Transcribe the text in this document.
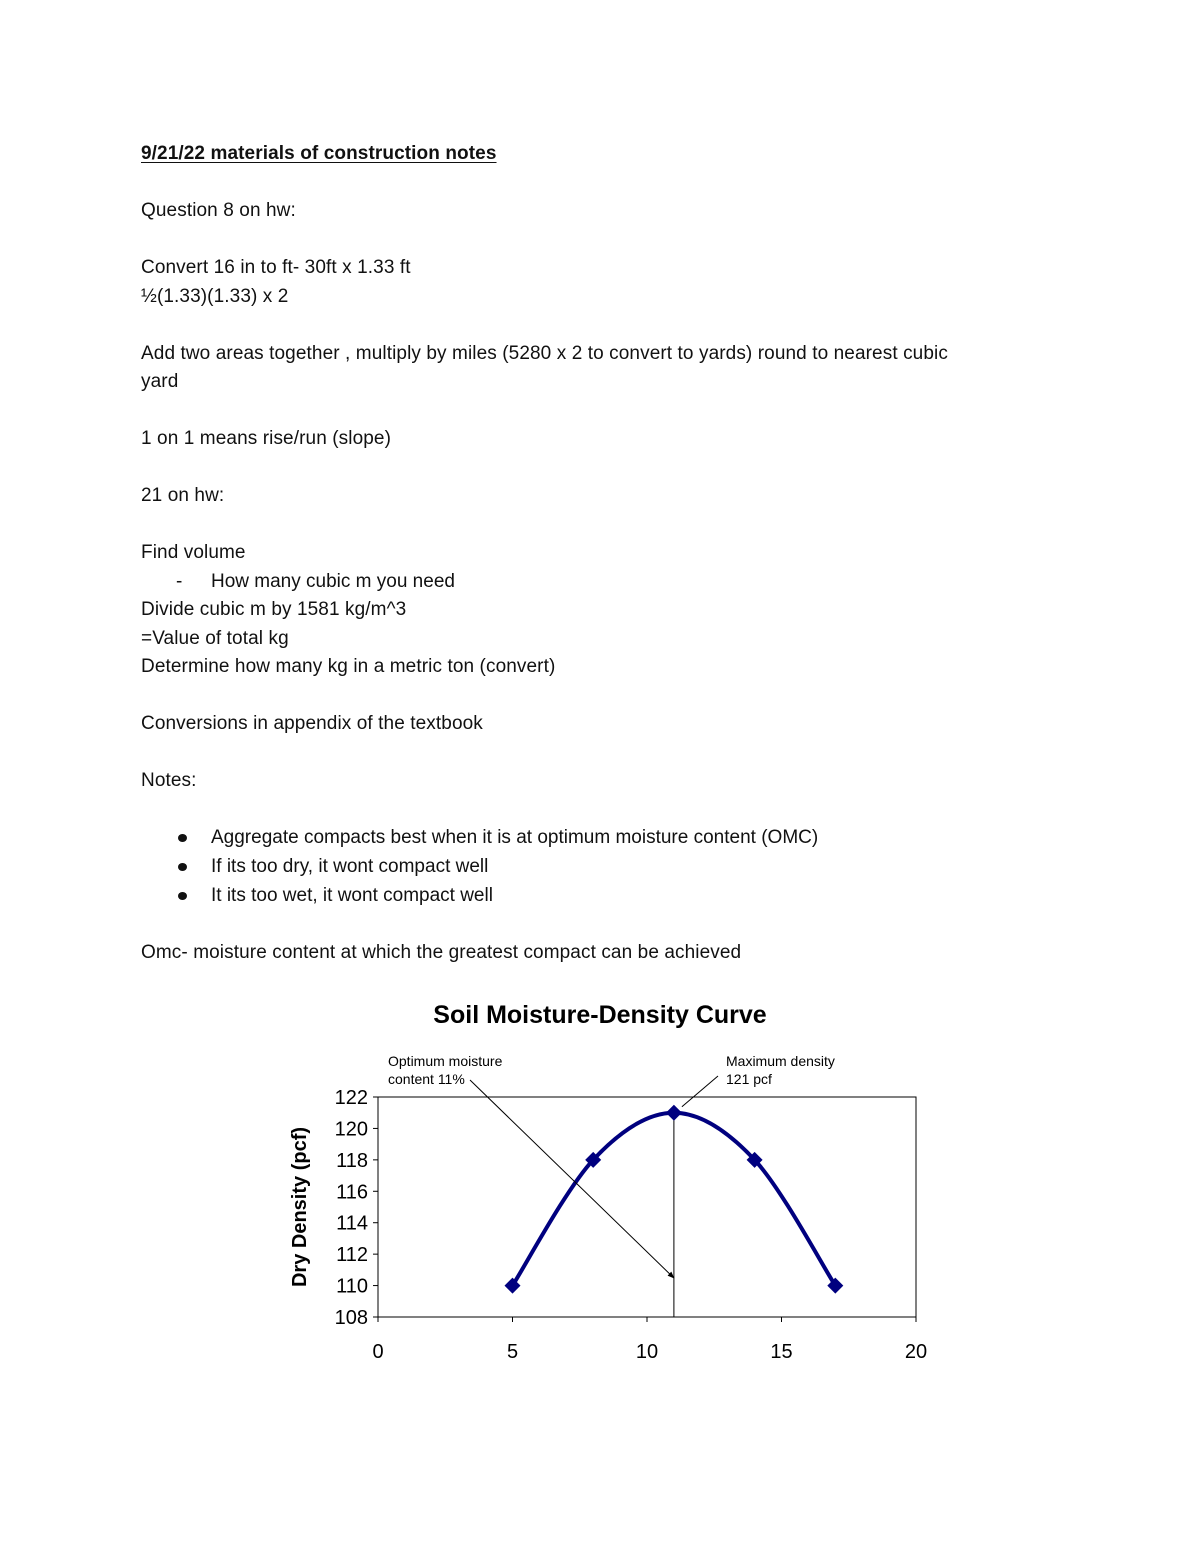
9/21/22 materials of construction notes
Question 8 on hw:
Convert 16 in to ft- 30ft x 1.33 ft
½(1.33)(1.33) x 2
Add two areas together , multiply by miles (5280 x 2 to convert to yards) round to nearest cubic
yard
1 on 1 means rise/run (slope)
21 on hw:
Find volume
- How many cubic m you need
Divide cubic m by 1581 kg/m^3
=Value of total kg
Determine how many kg in a metric ton (convert)
Conversions in appendix of the textbook
Notes:
Aggregate compacts best when it is at optimum moisture content (OMC)
If its too dry, it wont compact well
It its too wet, it wont compact well
Omc- moisture content at which the greatest compact can be achieved
Soil Moisture-Density Curve
Dry Density (pcf)
108
110
112
114
116
118
120
122
0	5	10	15	20
Optimum moisture content 11%
Maximum density 121 pcf
